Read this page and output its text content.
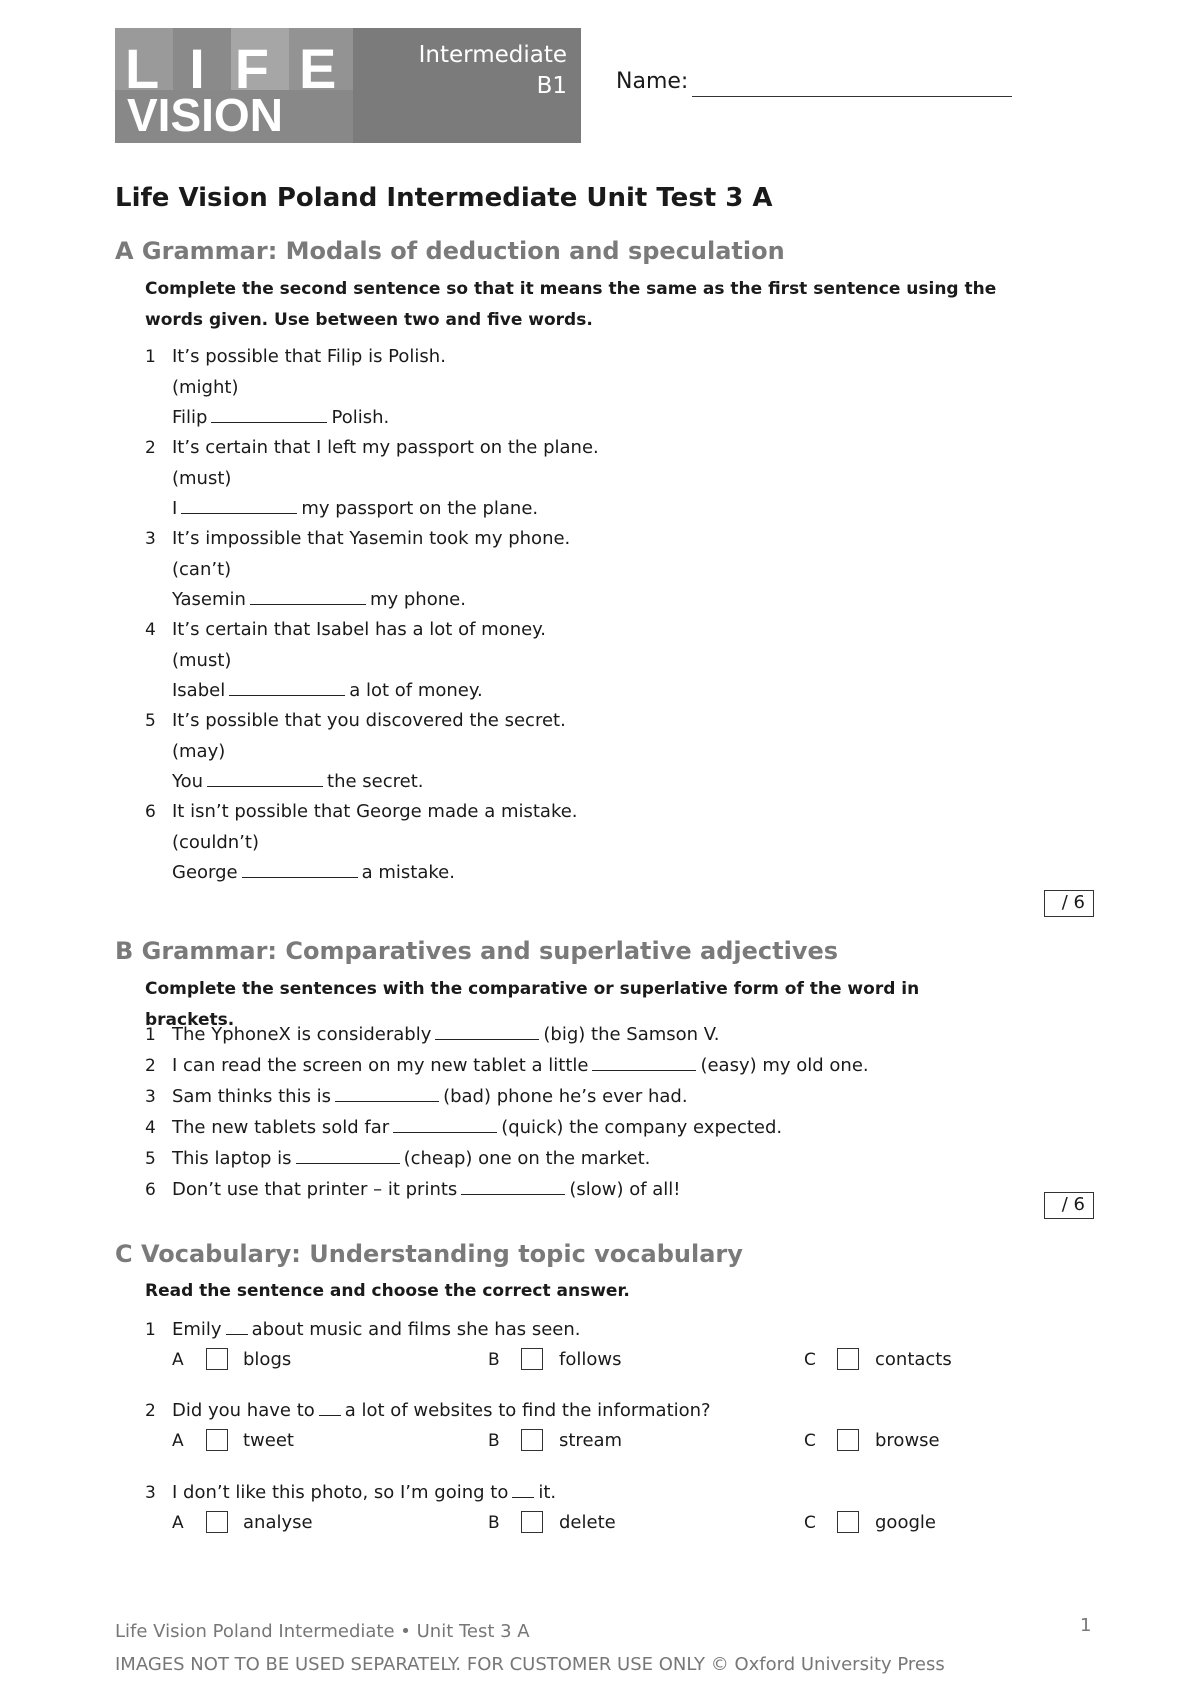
LIFE
VISION
Intermediate
B1 Name:
Life Vision Poland Intermediate Unit Test 3 A
A Grammar: Modals of deduction and speculation
Complete the second sentence so that it means the same as the first sentence using the
words given. Use between two and five words.
1 It’s possible that Filip is Polish.
(might)
Filip	Polish.
2 It’s certain that I left my passport on the plane.
(must)
I	my passport on the plane.
3 It’s impossible that Yasemin took my phone.
(can’t)
Yasemin	my phone.
4 It’s certain that Isabel has a lot of money.
(must)
Isabel	a lot of money.
5 It’s possible that you discovered the secret.
(may)
You	the secret.
6 It isn’t possible that George made a mistake.
(couldn’t)
George	a mistake.
/ 6
B Grammar: Comparatives and superlative adjectives
Complete the sentences with the comparative or superlative form of the word in brackets.
1 The YphoneX is considerably	(big) the Samson V.
2 I can read the screen on my new tablet a little	(easy) my old one.
3 Sam thinks this is	(bad) phone he’s ever had.
4 The new tablets sold far	(quick) the company expected.
5 This laptop is	(cheap) one on the market.
6 Don’t use that printer – it prints	(slow) of all!
/ 6
C Vocabulary: Understanding topic vocabulary
Read the sentence and choose the correct answer.
1 Emily about music and films she has seen.
A	blogs	B	follows	C	contacts
2 Did you have to a lot of websites to find the information?
A	tweet	B	stream	C	browse
3 I don’t like this photo, so I’m going to it.
A	analyse	B	delete	C	google
Life Vision Poland Intermediate • Unit Test 3 A
IMAGES NOT TO BE USED SEPARATELY. FOR CUSTOMER USE ONLY © Oxford University Press
1
